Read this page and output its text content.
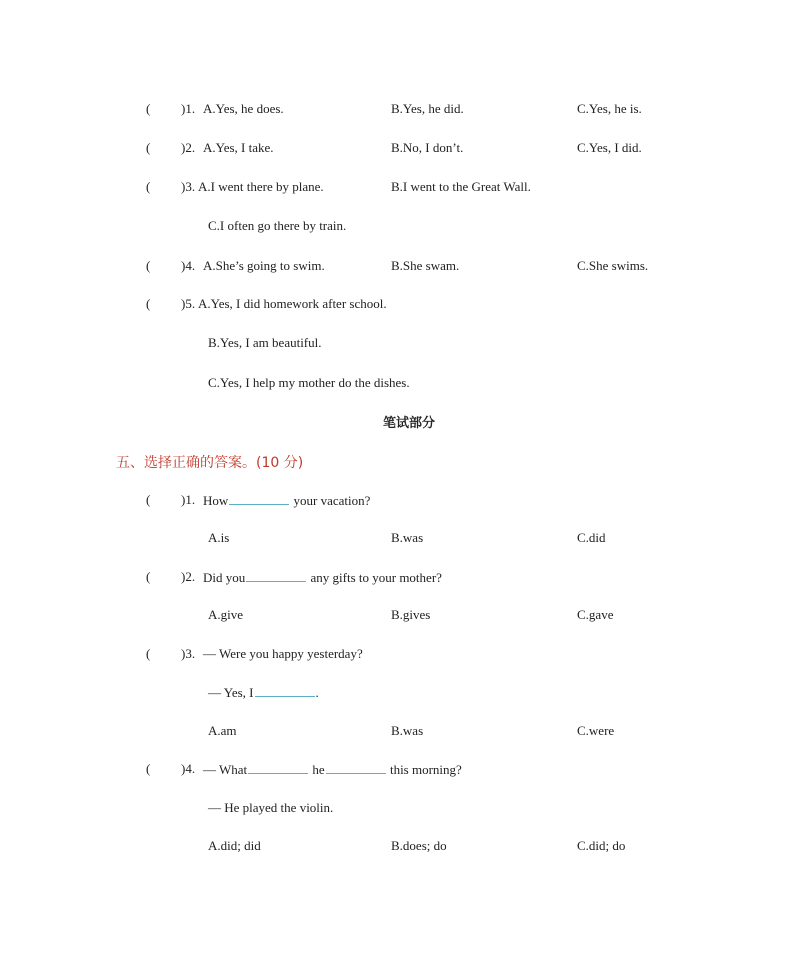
( )1. A.Yes, he does.	B.Yes, he did.	C.Yes, he is.
( )2. A.Yes, I take.	B.No, I don’t.	C.Yes, I did.
( )3. A.I went there by plane.	B.I went to the Great Wall.
C.I often go there by train.
( )4. A.She’s going to swim.	B.She swam.	C.She swims.
( )5. A.Yes, I did homework after school.
B.Yes, I am beautiful.
C.Yes, I help my mother do the dishes.
笔试部分
五、选择正确的答案。(10 分)
( )1. How	your vacation?
A.is	B.was	C.did
( )2. Did you	any gifts to your mother?
A.give	B.gives	C.gave
( )3. — Were you happy yesterday?
— Yes, I	.
A.am	B.was	C.were
( )4. — What	he	this morning?
— He played the violin.
A.did; did	B.does; do	C.did; do
